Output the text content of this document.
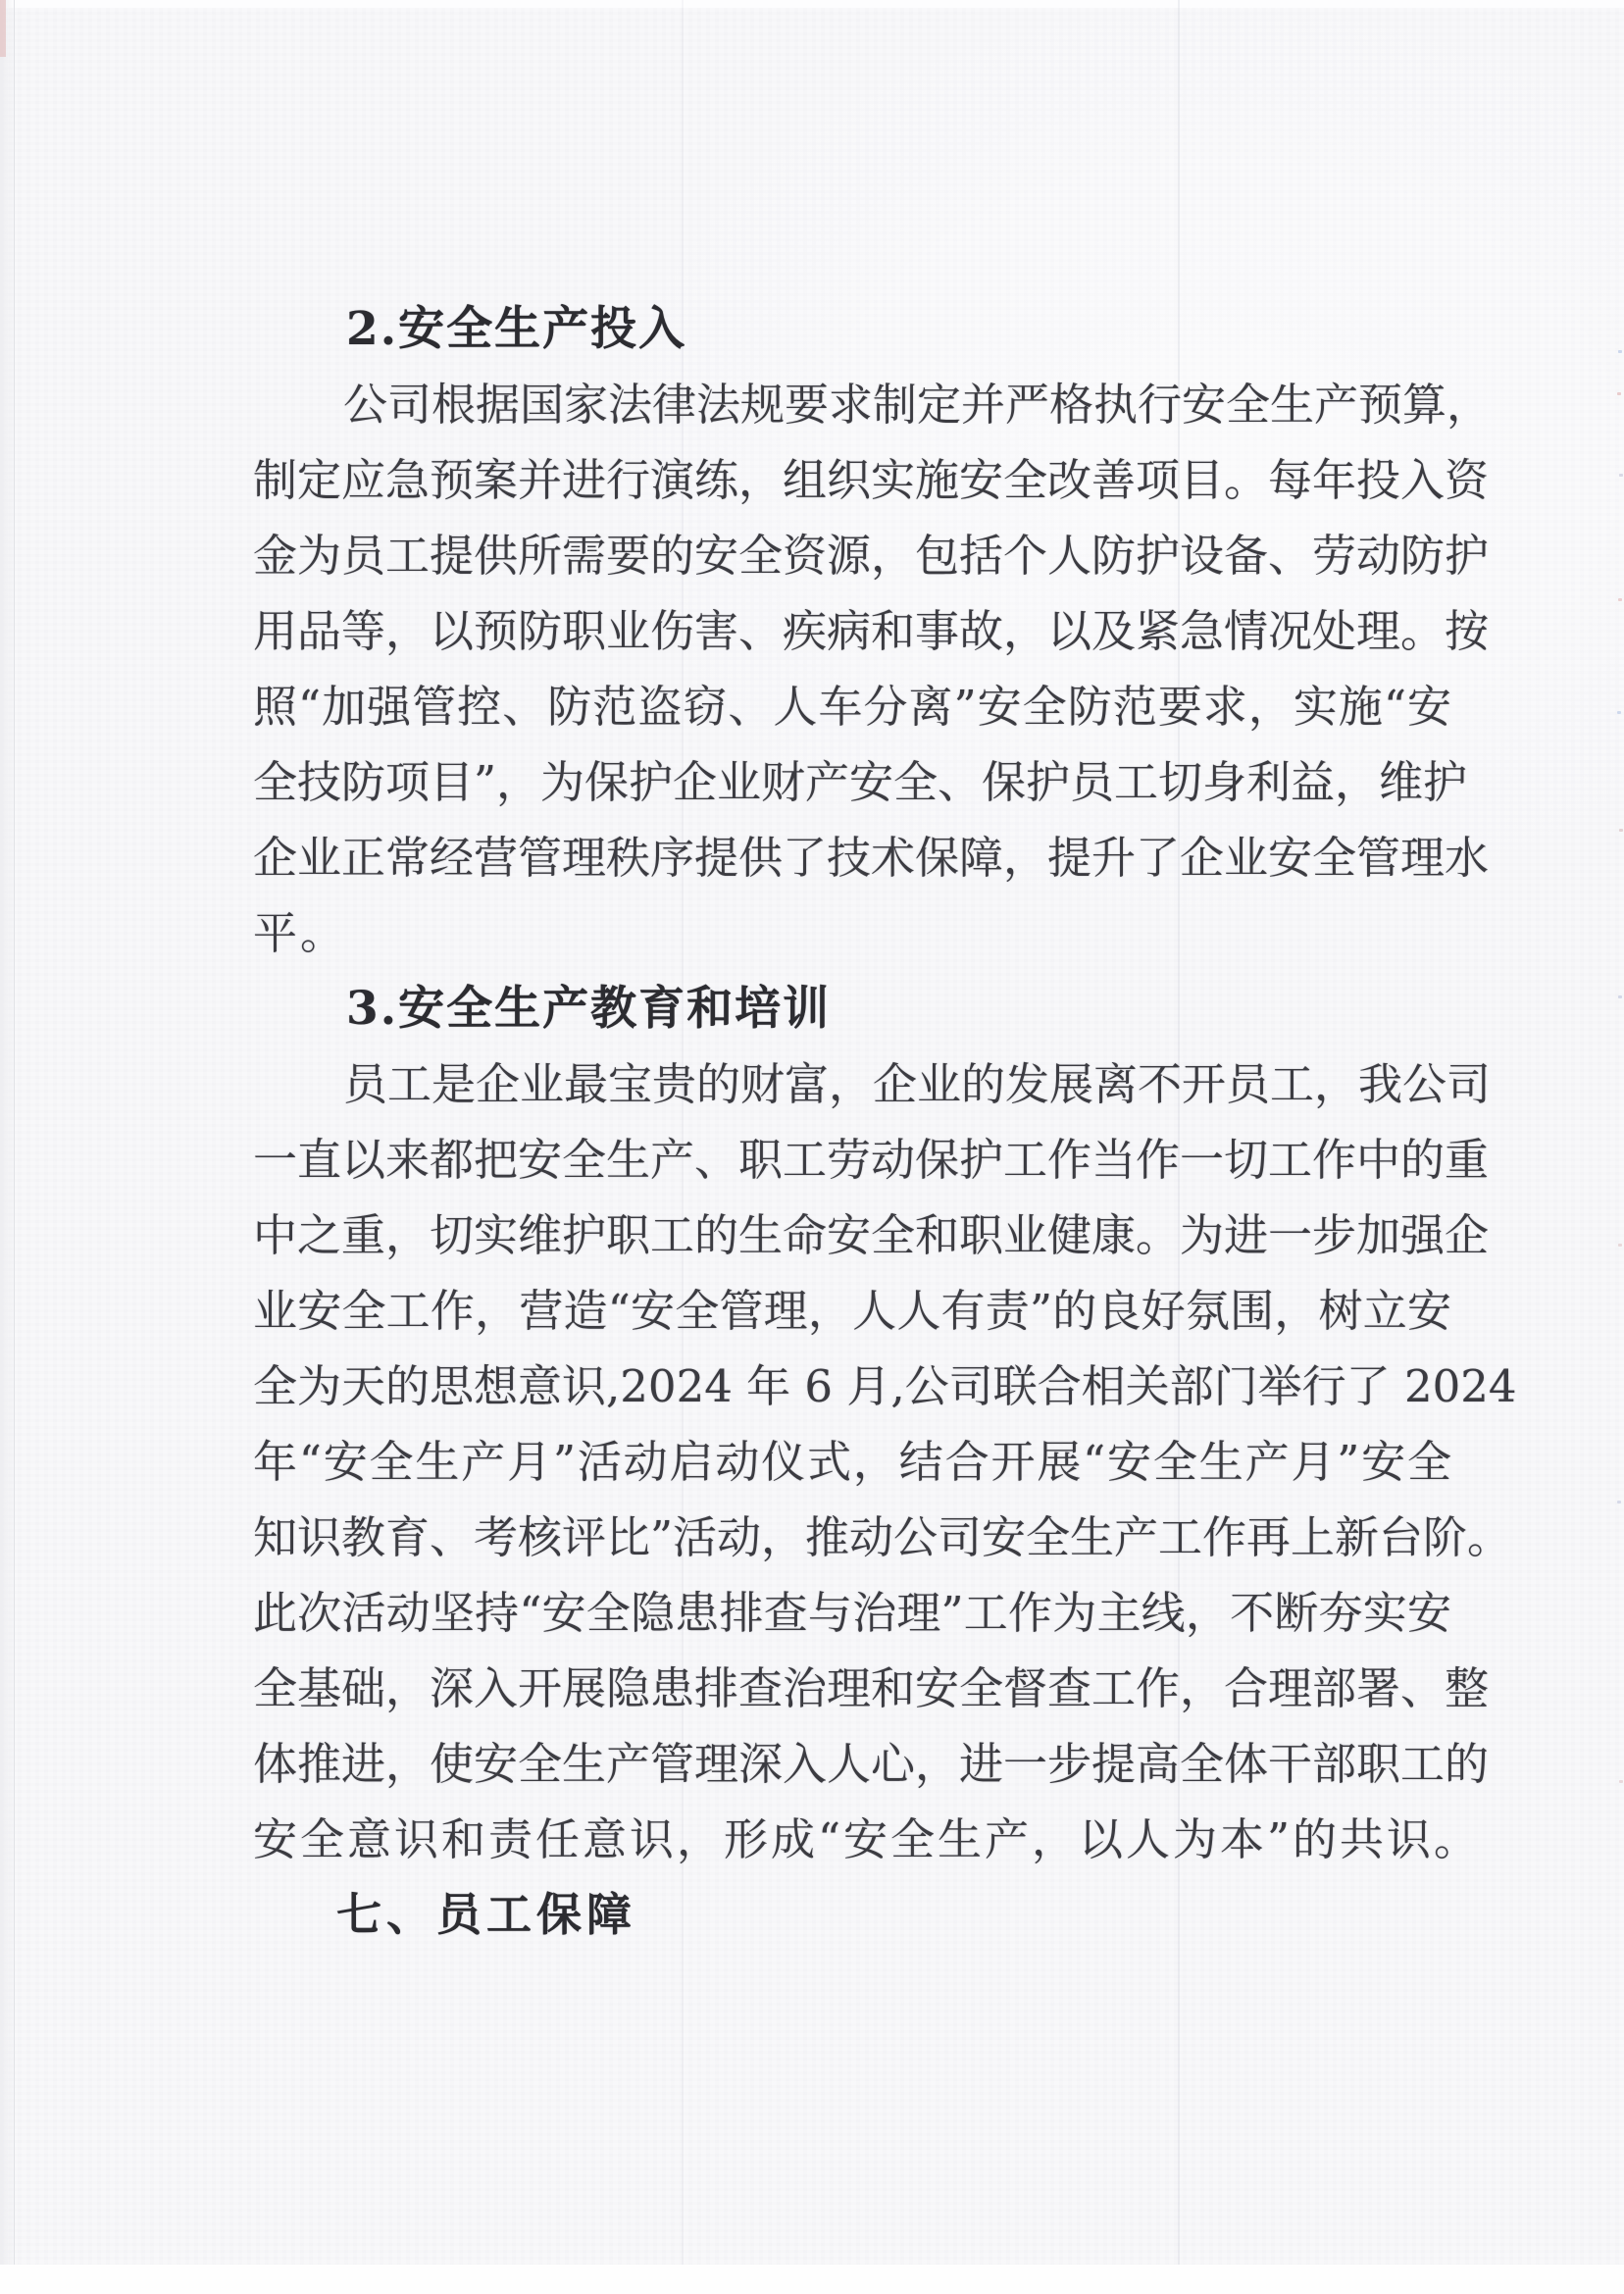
2.安全生产投入
公司根据国家法律法规要求制定并严格执行安全生产预算，
制定应急预案并进行演练，组织实施安全改善项目。每年投入资
金为员工提供所需要的安全资源，包括个人防护设备、劳动防护
用品等，以预防职业伤害、疾病和事故，以及紧急情况处理。按
照“加强管控、防范盗窃、人车分离”安全防范要求，实施“安
全技防项目”，为保护企业财产安全、保护员工切身利益，维护
企业正常经营管理秩序提供了技术保障，提升了企业安全管理水
平。
3.安全生产教育和培训
员工是企业最宝贵的财富，企业的发展离不开员工，我公司
一直以来都把安全生产、职工劳动保护工作当作一切工作中的重
中之重，切实维护职工的生命安全和职业健康。为进一步加强企
业安全工作，营造“安全管理，人人有责”的良好氛围，树立安
全为天的思想意识,2024 年 6 月,公司联合相关部门举行了 2024
年“安全生产月”活动启动仪式，结合开展“安全生产月”安全
知识教育、考核评比”活动，推动公司安全生产工作再上新台阶。
此次活动坚持“安全隐患排查与治理”工作为主线，不断夯实安
全基础，深入开展隐患排查治理和安全督查工作，合理部署、整
体推进，使安全生产管理深入人心，进一步提高全体干部职工的
安全意识和责任意识，形成“安全生产，以人为本”的共识。
七、员工保障
